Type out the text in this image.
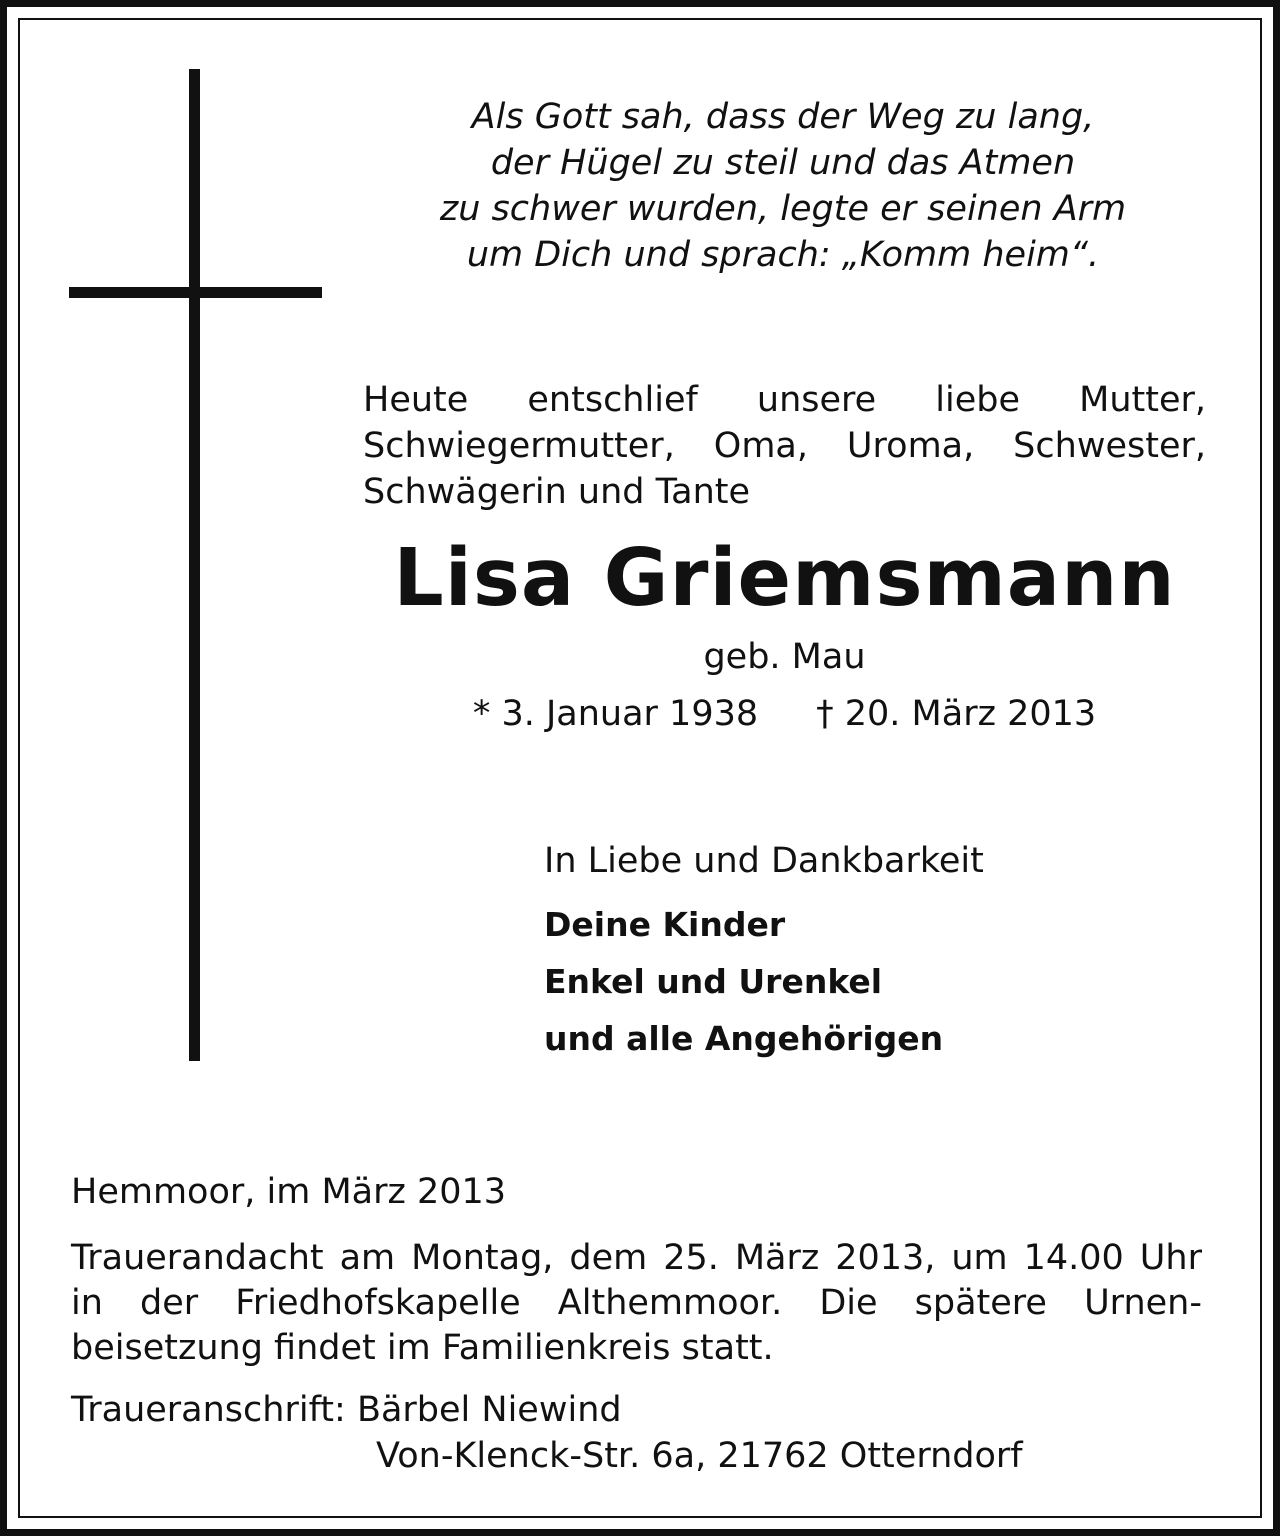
Als Gott sah, dass der Weg zu lang,
der Hügel zu steil und das Atmen
zu schwer wurden, legte er seinen Arm
um Dich und sprach: „Komm heim“.
Heute entschlief unsere liebe Mutter,
Schwiegermutter, Oma, Uroma, Schwester,
Schwägerin und Tante
Lisa Griemsmann
geb. Mau
* 3. Januar 1938 † 20. März 2013
In Liebe und Dankbarkeit
Deine Kinder
Enkel und Urenkel
und alle Angehörigen
Hemmoor, im März 2013
Trauerandacht am Montag, dem 25. März 2013, um 14.00 Uhr
in der Friedhofskapelle Althemmoor. Die spätere Urnen-
beisetzung findet im Familienkreis statt.
Traueranschrift: Bärbel Niewind
Von-Klenck-Str. 6a, 21762 Otterndorf
